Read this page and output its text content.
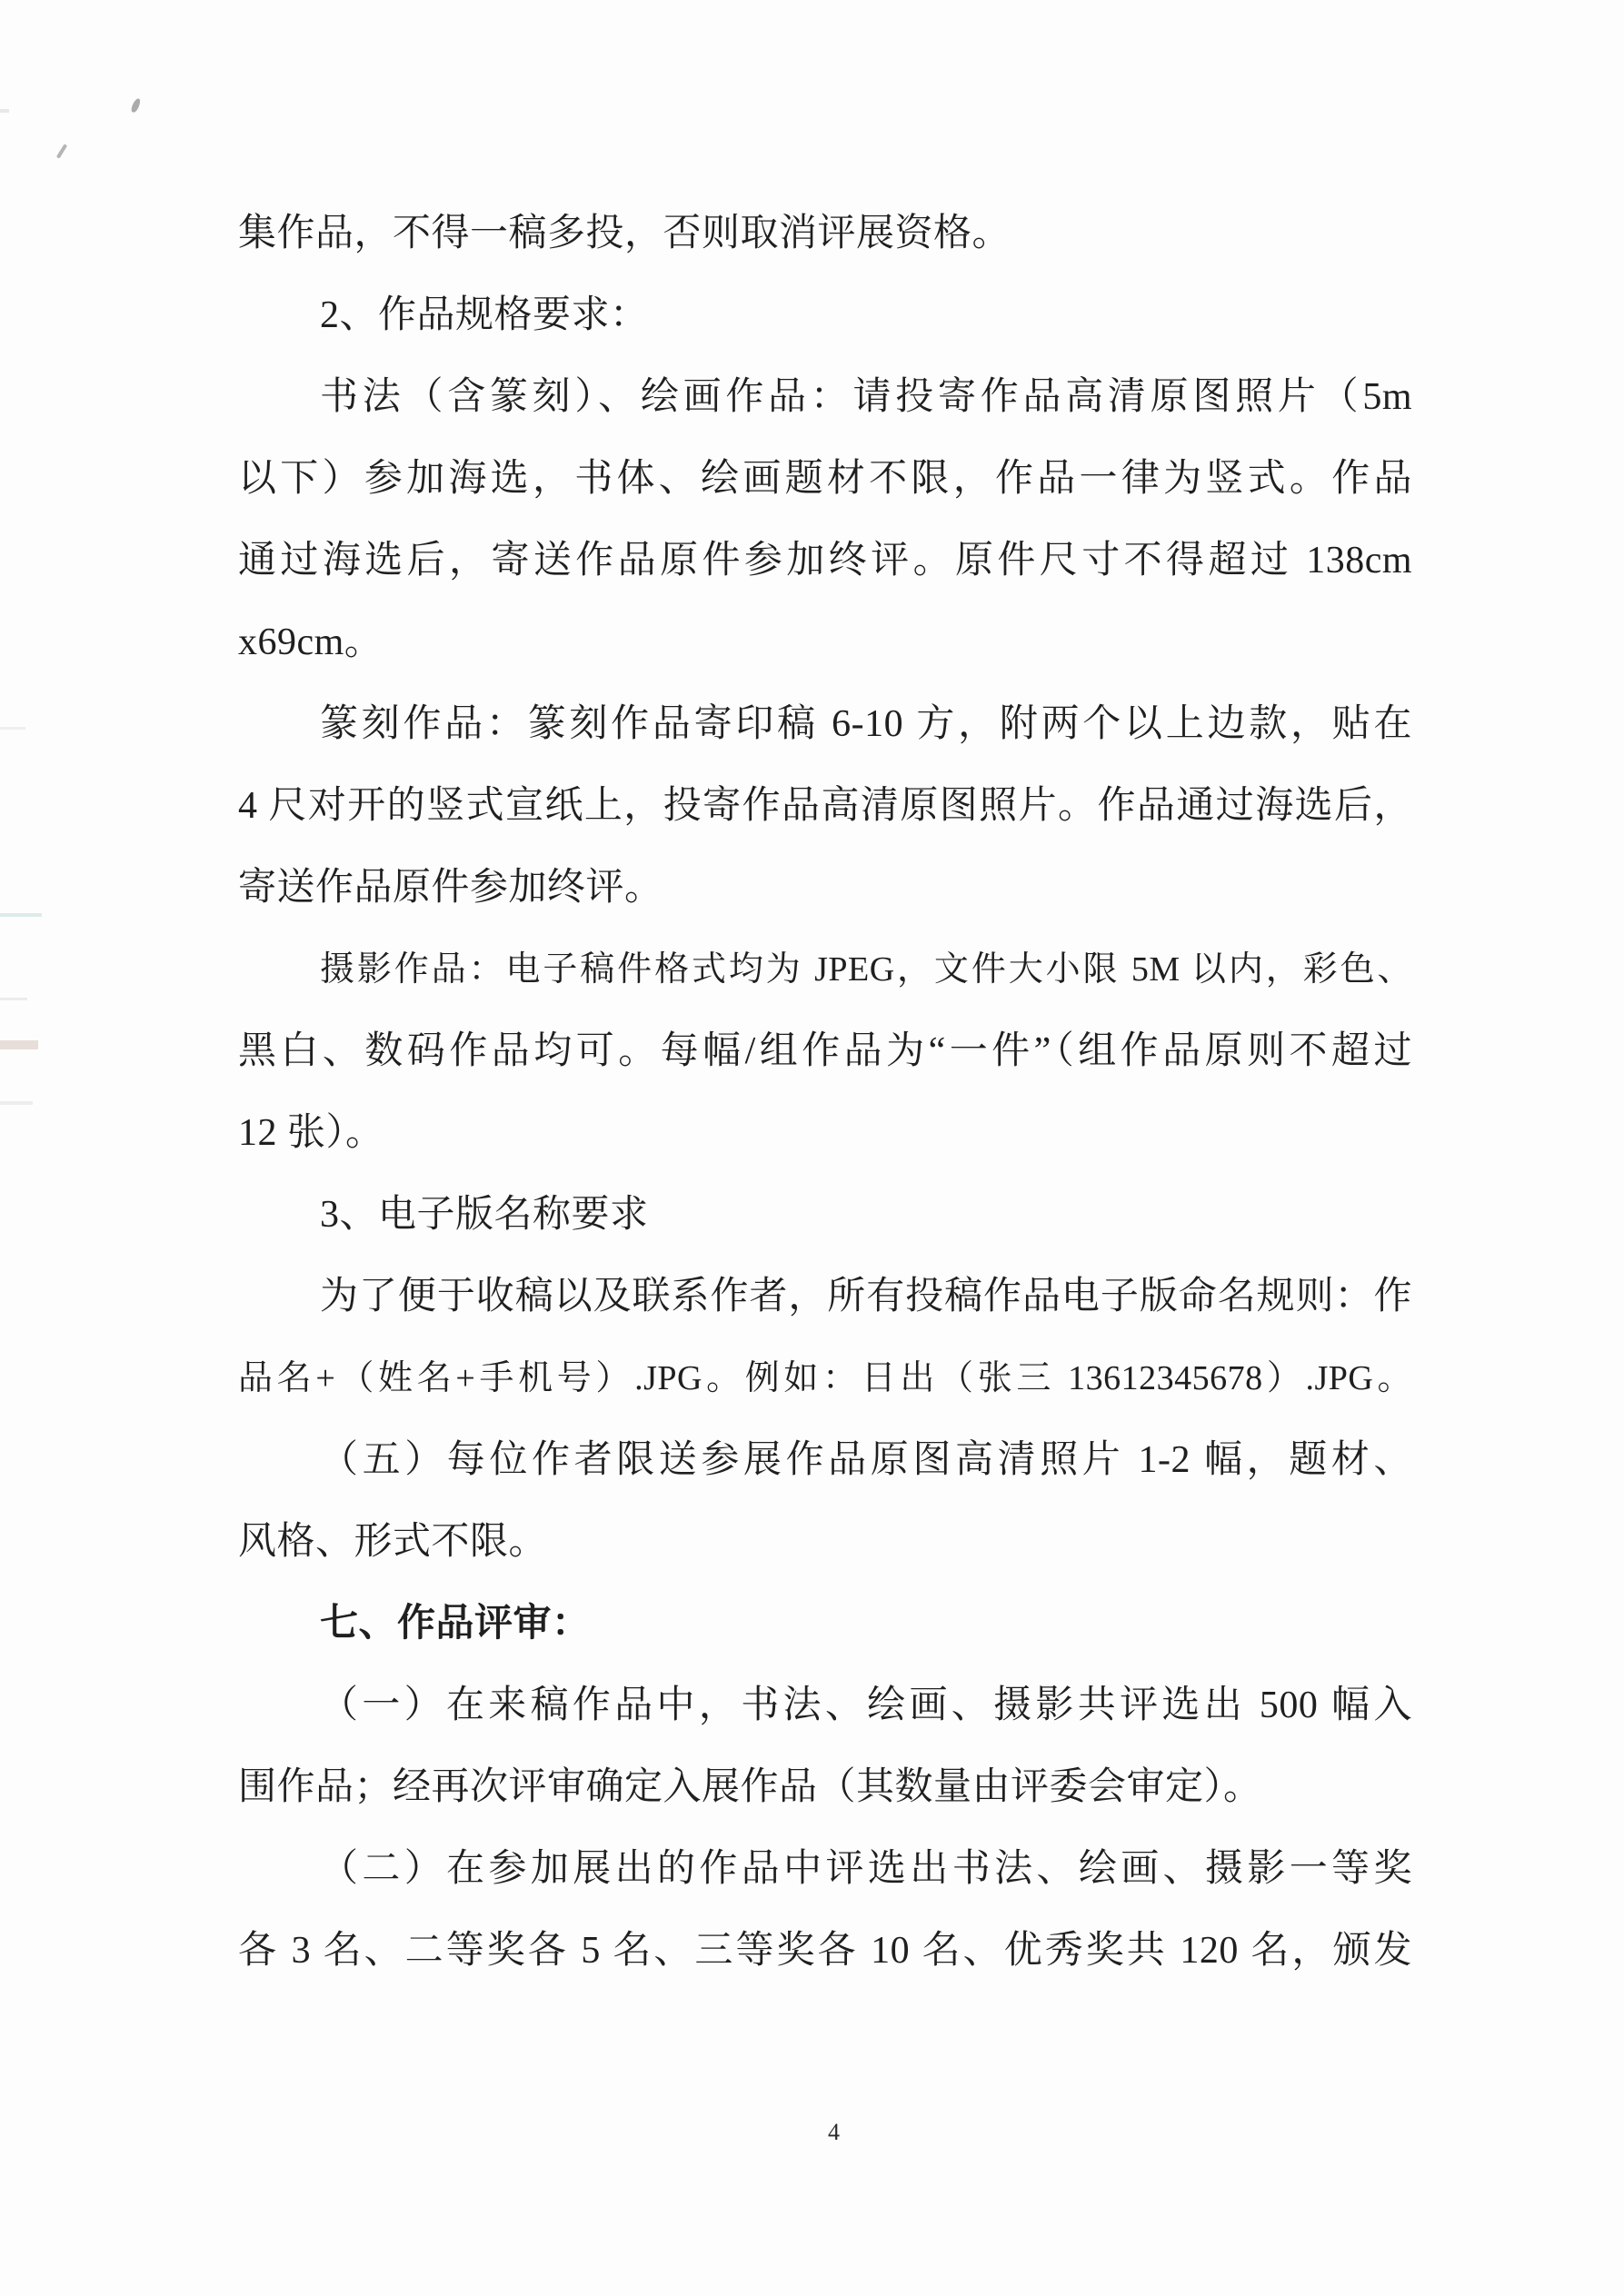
集作品，不得一稿多投，否则取消评展资格。
2、作品规格要求：
书法（含篆刻）、绘画作品：请投寄作品高清原图照片（5m
以下）参加海选，书体、绘画题材不限，作品一律为竖式。作品
通过海选后，寄送作品原件参加终评。原件尺寸不得超过 138cm
x69cm。
篆刻作品：篆刻作品寄印稿 6-10 方，附两个以上边款，贴在
4 尺对开的竖式宣纸上，投寄作品高清原图照片。作品通过海选后，
寄送作品原件参加终评。
摄影作品：电子稿件格式均为 JPEG，文件大小限 5M 以内，彩色、
黑白、数码作品均可。每幅/组作品为“一件”（组作品原则不超过
12 张）。
3、电子版名称要求
为了便于收稿以及联系作者，所有投稿作品电子版命名规则：作
品名+（姓名+手机号）.JPG。例如：日出（张三 13612345678）.JPG。
（五）每位作者限送参展作品原图高清照片 1-2 幅，题材、
风格、形式不限。
七、作品评审：
（一）在来稿作品中，书法、绘画、摄影共评选出 500 幅入
围作品；经再次评审确定入展作品（其数量由评委会审定）。
（二）在参加展出的作品中评选出书法、绘画、摄影一等奖
各 3 名、二等奖各 5 名、三等奖各 10 名、优秀奖共 120 名，颁发
4
